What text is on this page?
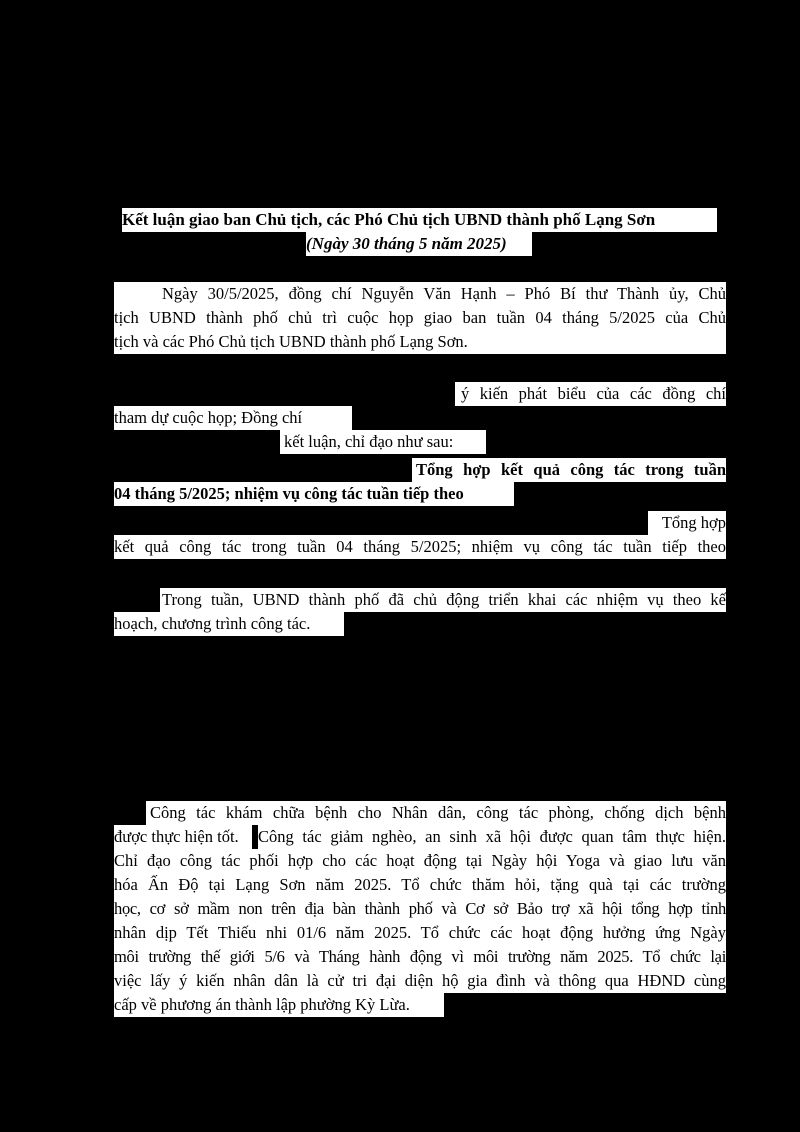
Kết luận giao ban Chủ tịch, các Phó Chủ tịch UBND thành phố Lạng Sơn
(Ngày 30 tháng 5 năm 2025)
Ngày 30/5/2025, đồng chí Nguyễn Văn Hạnh – Phó Bí thư Thành ủy, Chủ
tịch UBND thành phố chủ trì cuộc họp giao ban tuần 04 tháng 5/2025 của Chủ
tịch và các Phó Chủ tịch UBND thành phố Lạng Sơn.
ý kiến phát biểu của các đồng chí
tham dự cuộc họp; Đồng chí
kết luận, chỉ đạo như sau:
Tổng hợp kết quả công tác trong tuần
04 tháng 5/2025; nhiệm vụ công tác tuần tiếp theo
Tổng hợp
kết quả công tác trong tuần 04 tháng 5/2025; nhiệm vụ công tác tuần tiếp theo
Trong tuần, UBND thành phố đã chủ động triển khai các nhiệm vụ theo kế
hoạch, chương trình công tác.
Công tác khám chữa bệnh cho Nhân dân, công tác phòng, chống dịch bệnh
được thực hiện tốt.	Công tác giảm nghèo, an sinh xã hội được quan tâm thực hiện.
Chỉ đạo công tác phối hợp cho các hoạt động tại Ngày hội Yoga và giao lưu văn
hóa Ấn Độ tại Lạng Sơn năm 2025. Tổ chức thăm hỏi, tặng quà tại các trường
học, cơ sở mầm non trên địa bàn thành phố và Cơ sở Bảo trợ xã hội tổng hợp tỉnh
nhân dịp Tết Thiếu nhi 01/6 năm 2025. Tổ chức các hoạt động hưởng ứng Ngày
môi trường thế giới 5/6 và Tháng hành động vì môi trường năm 2025. Tổ chức lại
việc lấy ý kiến nhân dân là cử tri đại diện hộ gia đình và thông qua HĐND cùng
cấp về phương án thành lập phường Kỳ Lừa.
